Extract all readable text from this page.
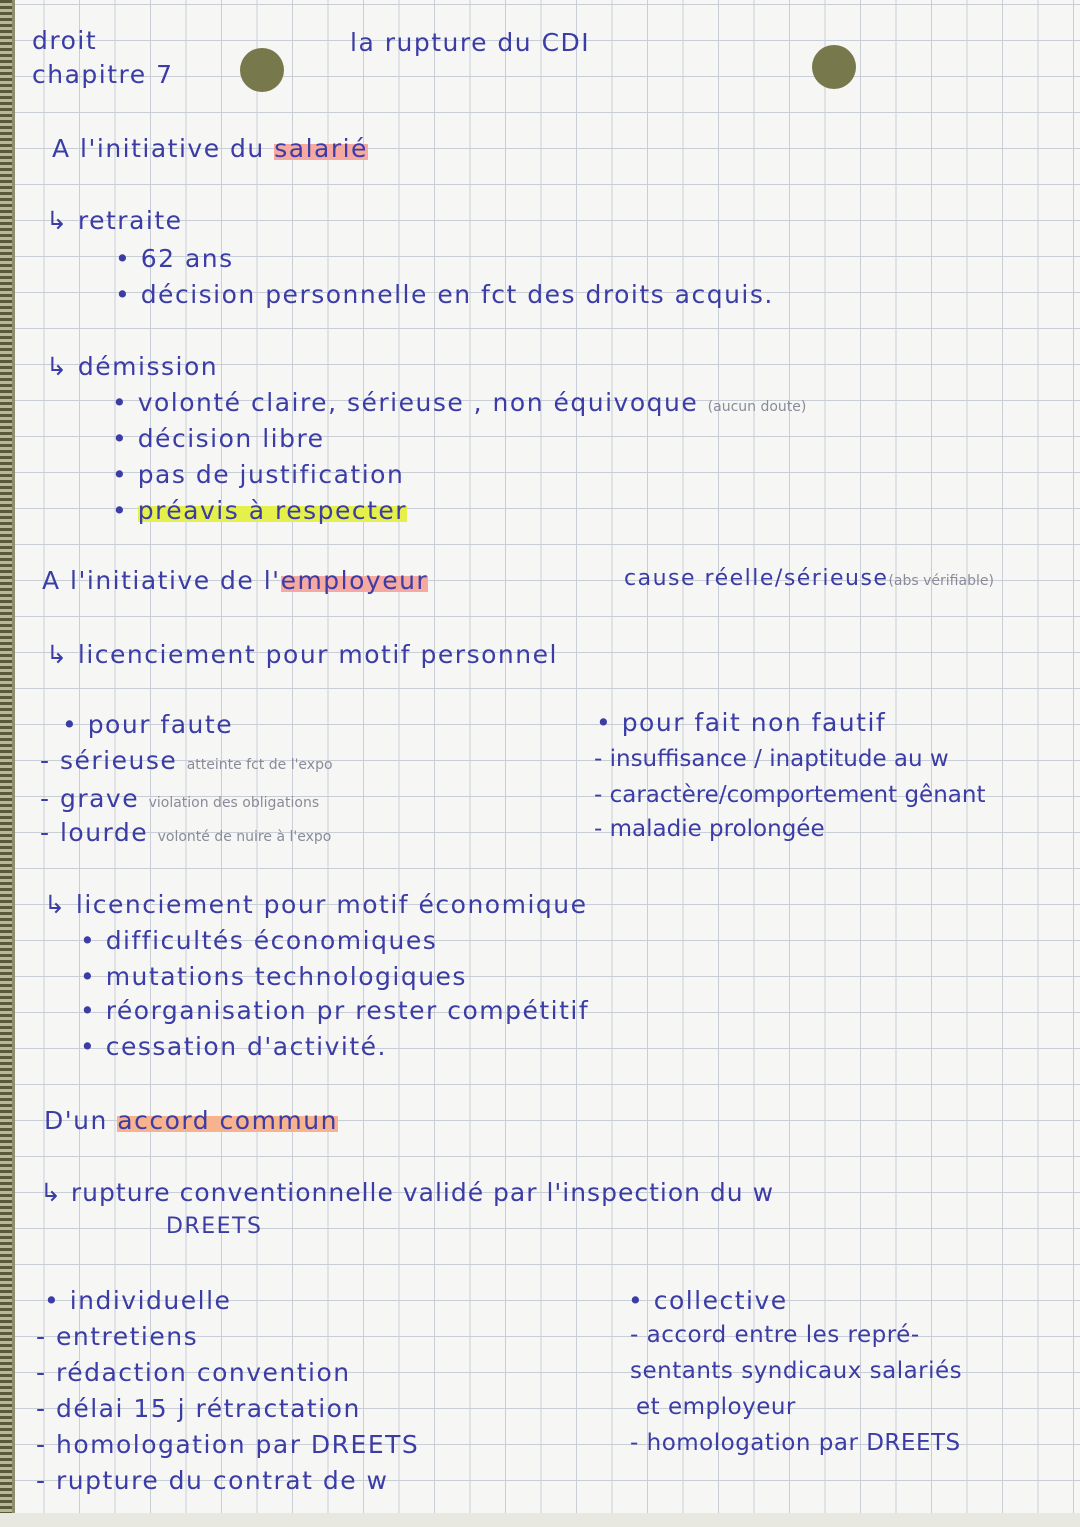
droit
chapitre 7
la rupture du CDI
A l'initiative du salarié
↳ retraite
• 62 ans
• décision personnelle en fct des droits acquis.
↳ démission
• volonté claire, sérieuse , non équivoque (aucun doute)
• décision libre
• pas de justification
• préavis à respecter
A l'initiative de l'employeur	cause réelle/sérieuse(abs vérifiable)
↳ licenciement pour motif personnel
• pour faute
- sérieuse atteinte fct de l'expo
- grave violation des obligations
- lourde volonté de nuire à l'expo
• pour fait non fautif
- insuffisance / inaptitude au w
- caractère/comportement gênant
- maladie prolongée
↳ licenciement pour motif économique
• difficultés économiques
• mutations technologiques
• réorganisation pr rester compétitif
• cessation d'activité.
D'un accord commun
↳ rupture conventionnelle validé par l'inspection du w
DREETS
• individuelle
- entretiens
- rédaction convention
- délai 15 j rétractation
- homologation par DREETS
- rupture du contrat de w
• collective
- accord entre les repré-
sentants syndicaux salariés
et employeur
- homologation par DREETS
